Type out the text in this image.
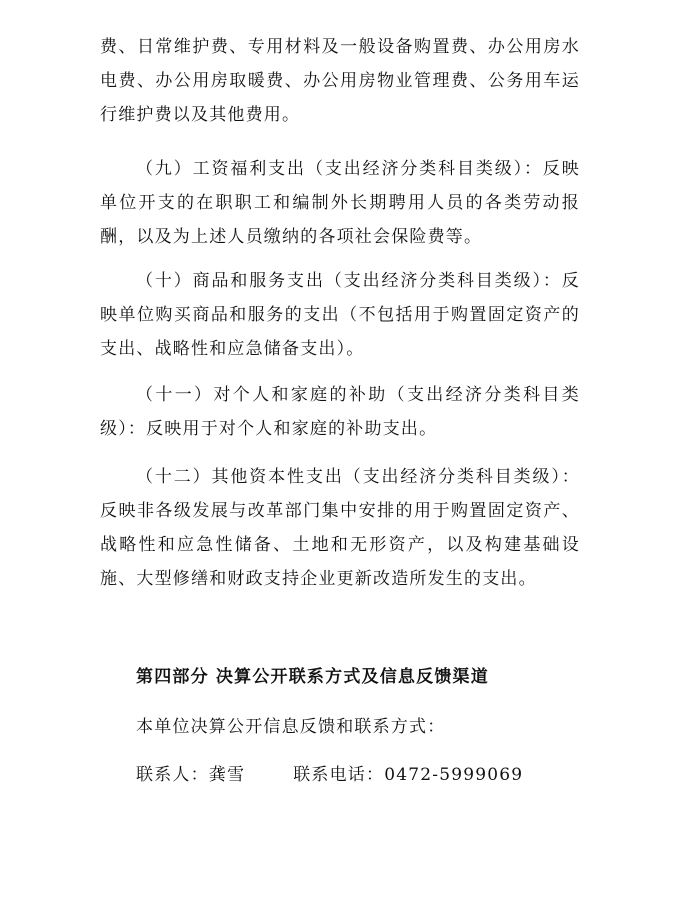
费、日常维护费、专用材料及一般设备购置费、办公用房水电费、办公用房取暖费、办公用房物业管理费、公务用车运行维护费以及其他费用。

（九）工资福利支出（支出经济分类科目类级）：反映单位开支的在职职工和编制外长期聘用人员的各类劳动报酬，以及为上述人员缴纳的各项社会保险费等。

（十）商品和服务支出（支出经济分类科目类级）：反映单位购买商品和服务的支出（不包括用于购置固定资产的支出、战略性和应急储备支出）。

（十一）对个人和家庭的补助（支出经济分类科目类级）：反映用于对个人和家庭的补助支出。

（十二）其他资本性支出（支出经济分类科目类级）：反映非各级发展与改革部门集中安排的用于购置固定资产、战略性和应急性储备、土地和无形资产，以及构建基础设施、大型修缮和财政支持企业更新改造所发生的支出。

第四部分 决算公开联系方式及信息反馈渠道

本单位决算公开信息反馈和联系方式：

联系人：龚雪	联系电话：0472-5999069
